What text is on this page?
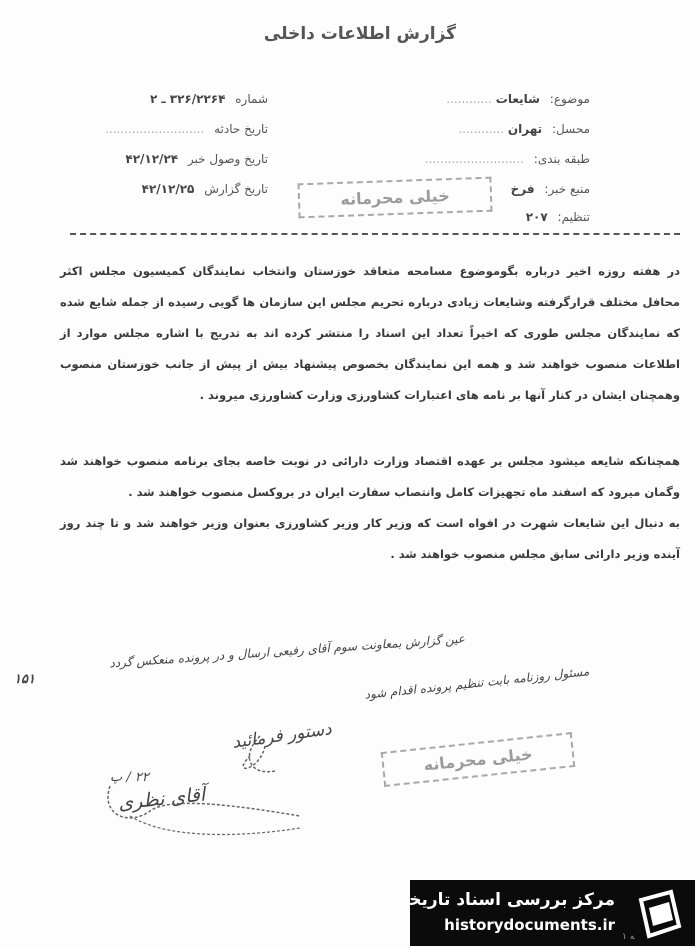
گزارش اطلاعات داخلی
موضوع: شایعات ............
محسل: تهران ............
طبقه بندی: ..........................
منبع خبر: فرخ
تنظیم: ۲۰۷
شماره ۳۲۶/۲۲۶۴ ـ ۲
تاریخ حادثه ..........................
تاریخ وصول خبر ۴۲/۱۲/۲۴
تاریخ گزارش ۴۲/۱۲/۲۵	خیلی محرمانه
در هفته روزه اخیر درباره بگوموضوع مسامحه متعاقد خوزستان وانتخاب نمایندگان کمیسیون مجلس اکثر محافل مختلف قرارگرفته وشایعات زیادی درباره تحریم مجلس این سازمان ها گویی رسیده از جمله شایع شده که نمایندگان مجلس طوری که اخیراً تعداد این اسناد را منتشر کرده اند به تدریج با اشاره مجلس موارد از اطلاعات منصوب خواهند شد و همه این نمایندگان بخصوص پیشنهاد بیش از پیش از جانب خوزستان منصوب وهمچنان ایشان در کنار آنها بر نامه های اعتبارات کشاورزی وزارت کشاورزی میروند .
همچنانکه شایعه میشود مجلس بر عهده اقتصاد وزارت دارائی در نوبت خاصه بجای برنامه منصوب خواهند شد وگمان میرود که اسفند ماه تجهیزات کامل وانتصاب سفارت ایران در بروکسل منصوب خواهند شد .
به دنبال این شایعات شهرت در افواه است که وزیر کار وزیر کشاورزی بعنوان وزیر خواهند شد و تا چند روز آینده وزیر دارائی سابق مجلس منصوب خواهند شد .
عین گزارش بمعاونت سوم آقای رفیعی ارسال و در پرونده منعکس گردد
مسئول روزنامه بابت تنظیم پرونده اقدام شود
۱۵۱
دستور فرمائید
آقای نظری
۲۲ / پ
خیلی محرمانه
مرکز بررسی اسناد تاریخی
historydocuments.ir
۱ ﻪ
